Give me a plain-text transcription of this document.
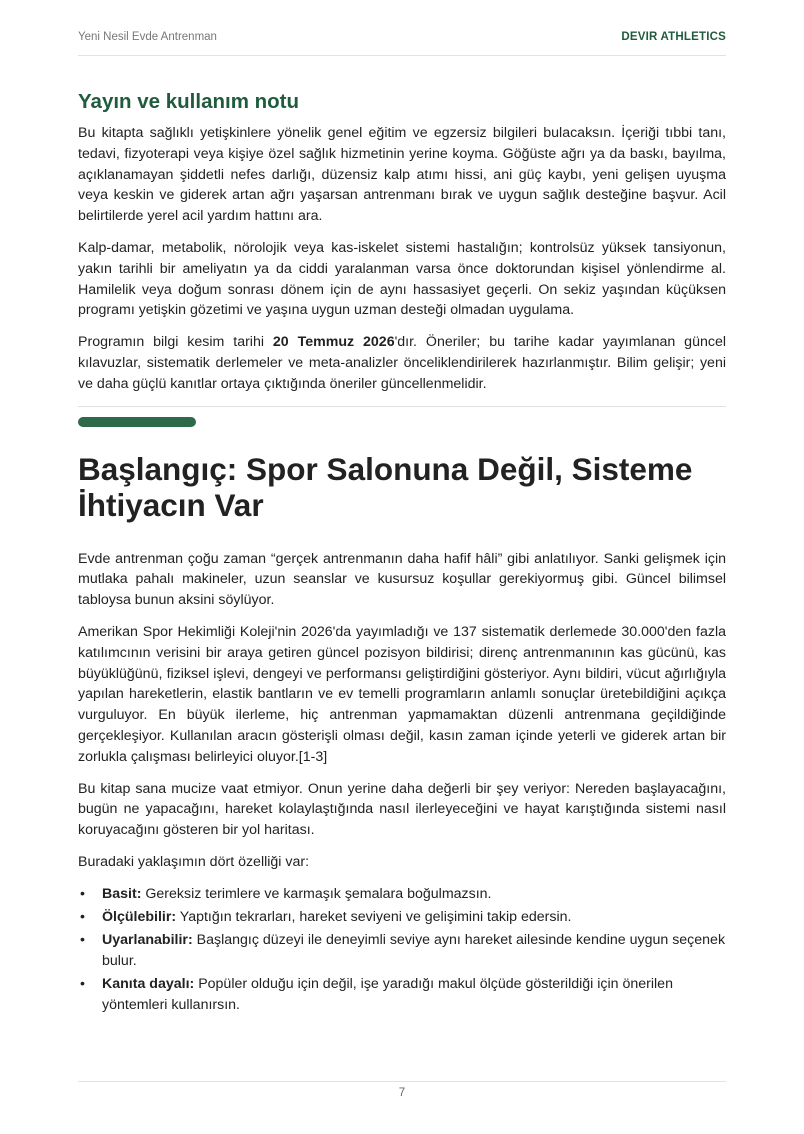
Yeni Nesil Evde Antrenman	DEVIR ATHLETICS
Yayın ve kullanım notu

Bu kitapta sağlıklı yetişkinlere yönelik genel eğitim ve egzersiz bilgileri bulacaksın. İçeriği tıbbi tanı, tedavi, fizyoterapi veya kişiye özel sağlık hizmetinin yerine koyma. Göğüste ağrı ya da baskı, bayılma, açıklanamayan şiddetli nefes darlığı, düzensiz kalp atımı hissi, ani güç kaybı, yeni gelişen uyuşma veya keskin ve giderek artan ağrı yaşarsan antrenmanı bırak ve uygun sağlık desteğine başvur. Acil belirtilerde yerel acil yardım hattını ara.

Kalp-damar, metabolik, nörolojik veya kas-iskelet sistemi hastalığın; kontrolsüz yüksek tansiyonun, yakın tarihli bir ameliyatın ya da ciddi yaralanman varsa önce doktorundan kişisel yönlendirme al. Hamilelik veya doğum sonrası dönem için de aynı hassasiyet geçerli. On sekiz yaşından küçüksen programı yetişkin gözetimi ve yaşına uygun uzman desteği olmadan uygulama.

Programın bilgi kesim tarihi 20 Temmuz 2026'dır. Öneriler; bu tarihe kadar yayımlanan güncel kılavuzlar, sistematik derlemeler ve meta-analizler önceliklendirilerek hazırlanmıştır. Bilim gelişir; yeni ve daha güçlü kanıtlar ortaya çıktığında öneriler güncellenmelidir.

Başlangıç: Spor Salonuna Değil, Sisteme İhtiyacın Var

Evde antrenman çoğu zaman “gerçek antrenmanın daha hafif hâli” gibi anlatılıyor. Sanki gelişmek için mutlaka pahalı makineler, uzun seanslar ve kusursuz koşullar gerekiyormuş gibi. Güncel bilimsel tabloysa bunun aksini söylüyor.

Amerikan Spor Hekimliği Koleji'nin 2026'da yayımladığı ve 137 sistematik derlemede 30.000'den fazla katılımcının verisini bir araya getiren güncel pozisyon bildirisi; direnç antrenmanının kas gücünü, kas büyüklüğünü, fiziksel işlevi, dengeyi ve performansı geliştirdiğini gösteriyor. Aynı bildiri, vücut ağırlığıyla yapılan hareketlerin, elastik bantların ve ev temelli programların anlamlı sonuçlar üretebildiğini açıkça vurguluyor. En büyük ilerleme, hiç antrenman yapmamaktan düzenli antrenmana geçildiğinde gerçekleşiyor. Kullanılan aracın gösterişli olması değil, kasın zaman içinde yeterli ve giderek artan bir zorlukla çalışması belirleyici oluyor.[1-3]

Bu kitap sana mucize vaat etmiyor. Onun yerine daha değerli bir şey veriyor: Nereden başlayacağını, bugün ne yapacağını, hareket kolaylaştığında nasıl ilerleyeceğini ve hayat karıştığında sistemi nasıl koruyacağını gösteren bir yol haritası.

Buradaki yaklaşımın dört özelliği var:

• Basit: Gereksiz terimlere ve karmaşık şemalara boğulmazsın.
• Ölçülebilir: Yaptığın tekrarları, hareket seviyeni ve gelişimini takip edersin.
• Uyarlanabilir: Başlangıç düzeyi ile deneyimli seviye aynı hareket ailesinde kendine uygun seçenek bulur.
• Kanıta dayalı: Popüler olduğu için değil, işe yaradığı makul ölçüde gösterildiği için önerilen yöntemleri kullanırsın.
7
